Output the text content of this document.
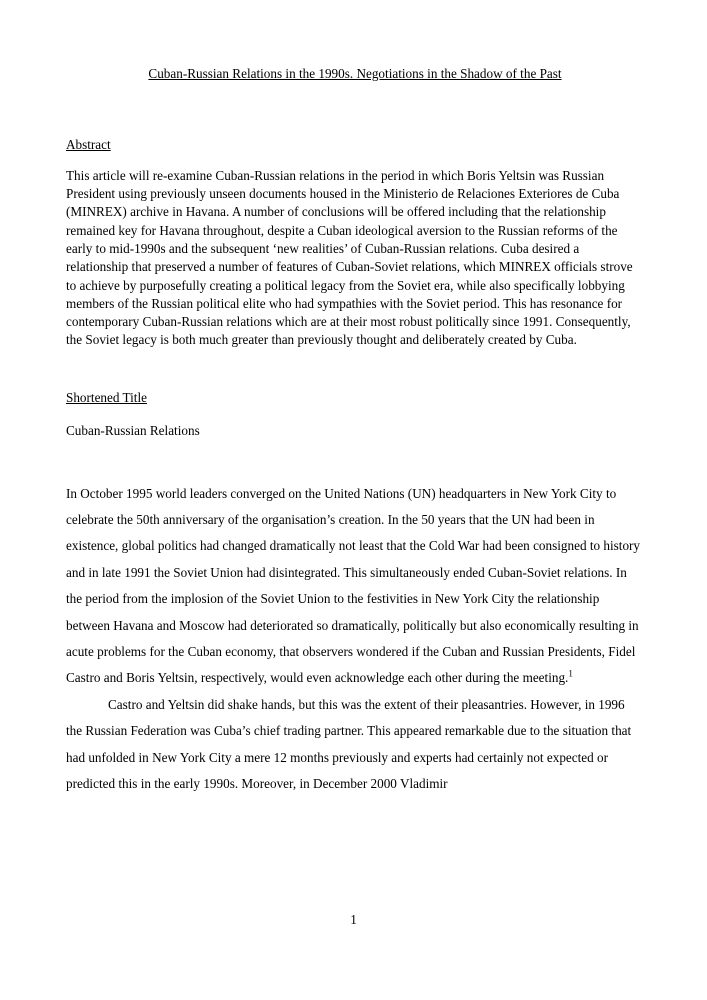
Cuban-Russian Relations in the 1990s. Negotiations in the Shadow of the Past
Abstract
This article will re-examine Cuban-Russian relations in the period in which Boris Yeltsin was Russian President using previously unseen documents housed in the Ministerio de Relaciones Exteriores de Cuba (MINREX) archive in Havana. A number of conclusions will be offered including that the relationship remained key for Havana throughout, despite a Cuban ideological aversion to the Russian reforms of the early to mid-1990s and the subsequent ‘new realities’ of Cuban-Russian relations. Cuba desired a relationship that preserved a number of features of Cuban-Soviet relations, which MINREX officials strove to achieve by purposefully creating a political legacy from the Soviet era, while also specifically lobbying members of the Russian political elite who had sympathies with the Soviet period. This has resonance for contemporary Cuban-Russian relations which are at their most robust politically since 1991. Consequently, the Soviet legacy is both much greater than previously thought and deliberately created by Cuba.
Shortened Title
Cuban-Russian Relations

In October 1995 world leaders converged on the United Nations (UN) headquarters in New York City to celebrate the 50th anniversary of the organisation’s creation. In the 50 years that the UN had been in existence, global politics had changed dramatically not least that the Cold War had been consigned to history and in late 1991 the Soviet Union had disintegrated. This simultaneously ended Cuban-Soviet relations. In the period from the implosion of the Soviet Union to the festivities in New York City the relationship between Havana and Moscow had deteriorated so dramatically, politically but also economically resulting in acute problems for the Cuban economy, that observers wondered if the Cuban and Russian Presidents, Fidel Castro and Boris Yeltsin, respectively, would even acknowledge each other during the meeting.$^1$

Castro and Yeltsin did shake hands, but this was the extent of their pleasantries. However, in 1996 the Russian Federation was Cuba’s chief trading partner. This appeared remarkable due to the situation that had unfolded in New York City a mere 12 months previously and experts had certainly not expected or predicted this in the early 1990s. Moreover, in December 2000 Vladimir

1
